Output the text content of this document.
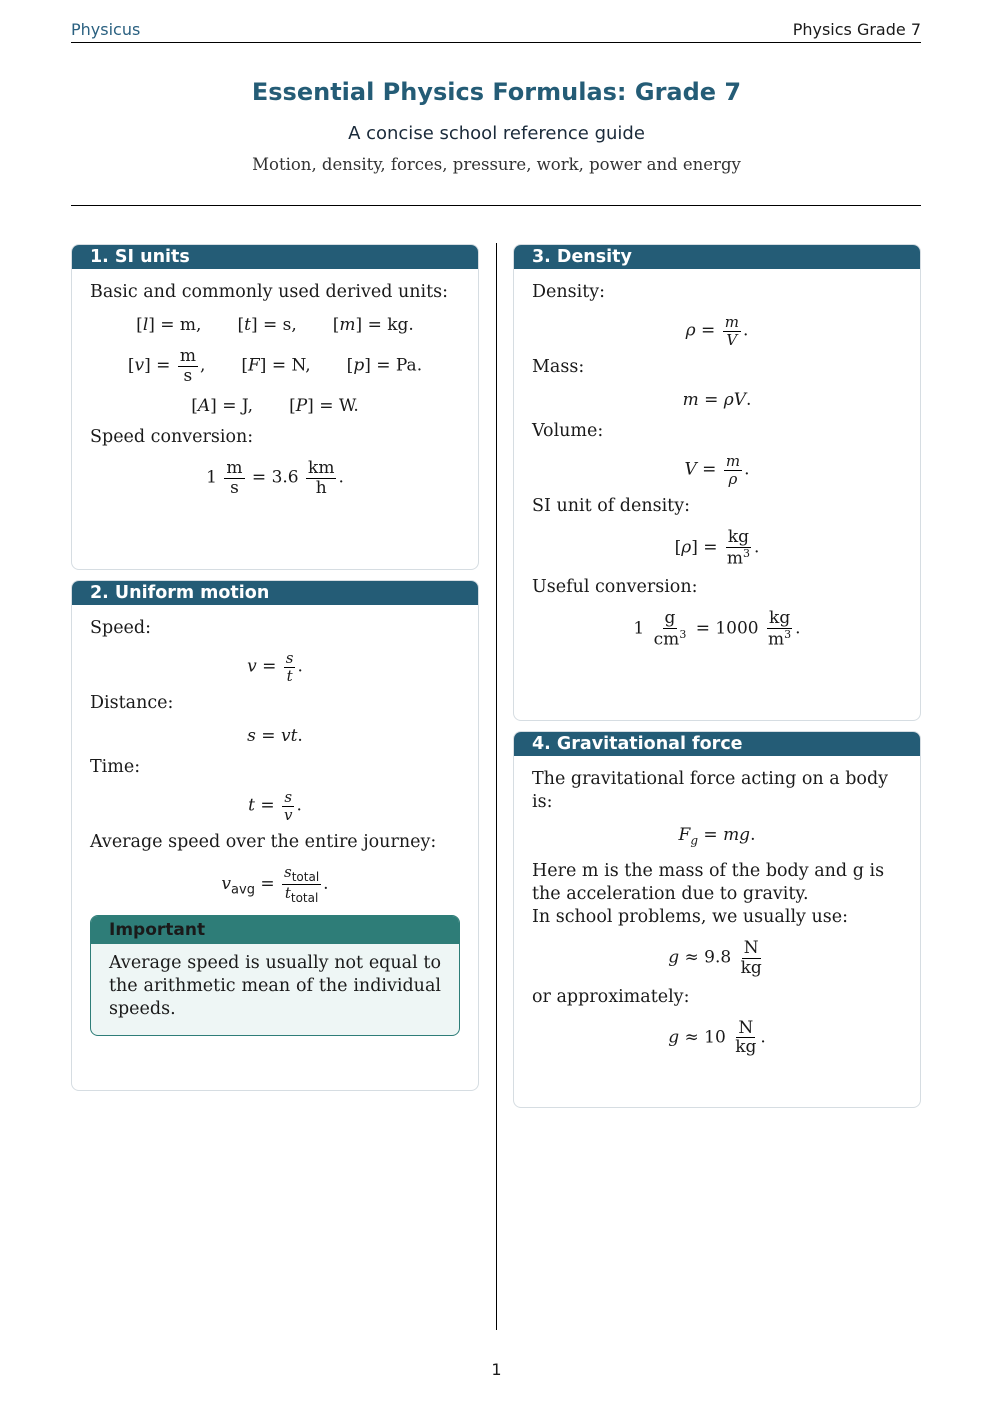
Physicus	Physics Grade 7
Essential Physics Formulas: Grade 7
A concise school reference guide
Motion, density, forces, pressure, work, power and energy
1. SI units

Basic and commonly used derived units:

[l] = m, [t] = s, [m] = kg.
$[v] = \frac{m}{s}$ , [F] = N, [p] = Pa.
[A] = J, [P] = W.

Speed conversion:

$1 \frac{m}{s} = 3.6 \frac{km}{h}$ .
2. Uniform motion

Speed:

$v = \frac{s}{t}$ .

Distance:

s = vt.

Time:

$t = \frac{s}{v}$ .

Average speed over the entire journey:

$v_{avg} = \frac{s_{total}}{t_{total}}$ .
Important
Average speed is usually not equal to the arithmetic mean of the individual speeds.
3. Density

Density:

$\rho = \frac{m}{V}$ .

Mass:

m = ρV.

Volume:

$V = \frac{m}{\rho}$ .

SI unit of density:

$[\rho] = \frac{kg}{m^3}$ .

Useful conversion:

$1 \frac{g}{cm^3} = 1000 \frac{kg}{m^3}$ .
4. Gravitational force

The gravitational force acting on a body is:

$F_g$ = mg.

Here m is the mass of the body and g is the acceleration due to gravity.

In school problems, we usually use:

$g \approx 9.8 \frac{N}{kg}$

or approximately:

$g \approx 10 \frac{N}{kg}$ .
1
